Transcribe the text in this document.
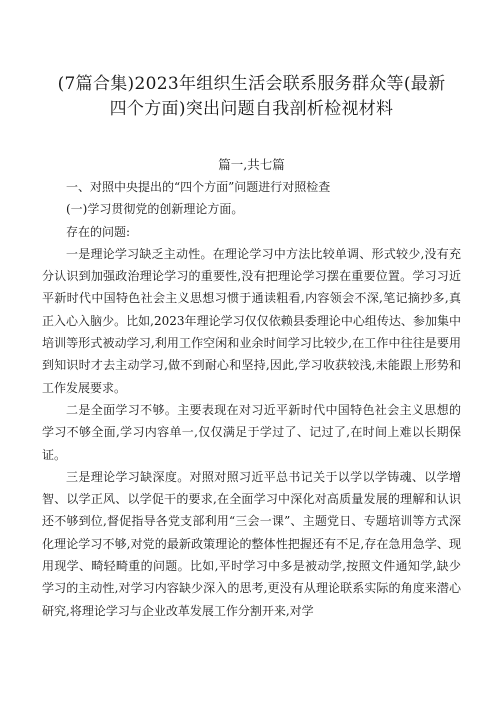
(7篇合集)2023年组织生活会联系服务群众等(最新
四个方面)突出问题自我剖析检视材料
篇一,共七篇

一、对照中央提出的“四个方面”问题进行对照检查

(一)学习贯彻党的创新理论方面。

存在的问题:

一是理论学习缺乏主动性。在理论学习中方法比较单调、形式较少,没有充分认识到加强政治理论学习的重要性,没有把理论学习摆在重要位置。学习习近平新时代中国特色社会主义思想习惯于通读粗看,内容领会不深,笔记摘抄多,真正入心入脑少。比如,2023年理论学习仅仅依赖县委理论中心组传达、参加集中培训等形式被动学习,利用工作空闲和业余时间学习比较少,在工作中往往是要用到知识时才去主动学习,做不到耐心和坚持,因此,学习收获较浅,未能跟上形势和工作发展要求。

二是全面学习不够。主要表现在对习近平新时代中国特色社会主义思想的学习不够全面,学习内容单一,仅仅满足于学过了、记过了,在时间上难以长期保证。

三是理论学习缺深度。对照对照习近平总书记关于以学以学铸魂、以学增智、以学正风、以学促干的要求,在全面学习中深化对高质量发展的理解和认识还不够到位,督促指导各党支部利用“三会一课”、主题党日、专题培训等方式深化理论学习不够,对党的最新政策理论的整体性把握还有不足,存在急用急学、现用现学、畸轻畸重的问题。比如,平时学习中多是被动学,按照文件通知学,缺少学习的主动性,对学习内容缺少深入的思考,更没有从理论联系实际的角度来潜心研究,将理论学习与企业改革发展工作分割开来,对学
